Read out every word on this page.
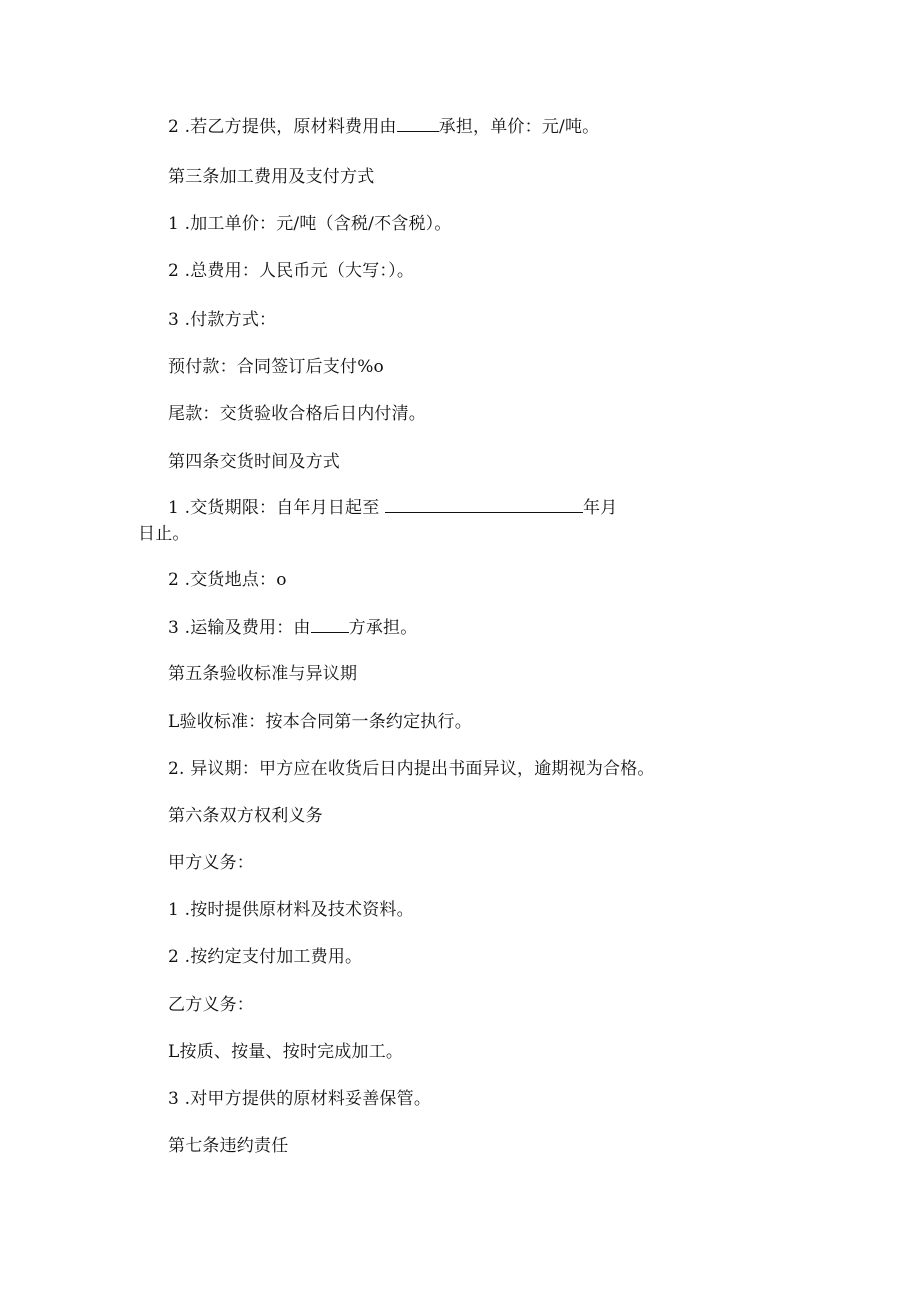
2 .若乙方提供，原材料费用由 承担，单价：元/吨。
第三条加工费用及支付方式
1 .加工单价：元/吨（含税/不含税）。
2 .总费用：人民币元（大写：）。
3 .付款方式：
预付款：合同签订后支付%o
尾款：交货验收合格后日内付清。
第四条交货时间及方式
1 .交货期限：自年月日起至	年月
日止。
2 .交货地点：o
3 .运输及费用：由 方承担。
第五条验收标准与异议期
L验收标准：按本合同第一条约定执行。
2. 异议期：甲方应在收货后日内提出书面异议，逾期视为合格。
第六条双方权利义务
甲方义务：
1 .按时提供原材料及技术资料。
2 .按约定支付加工费用。
乙方义务：
L按质、按量、按时完成加工。
3 .对甲方提供的原材料妥善保管。
第七条违约责任
